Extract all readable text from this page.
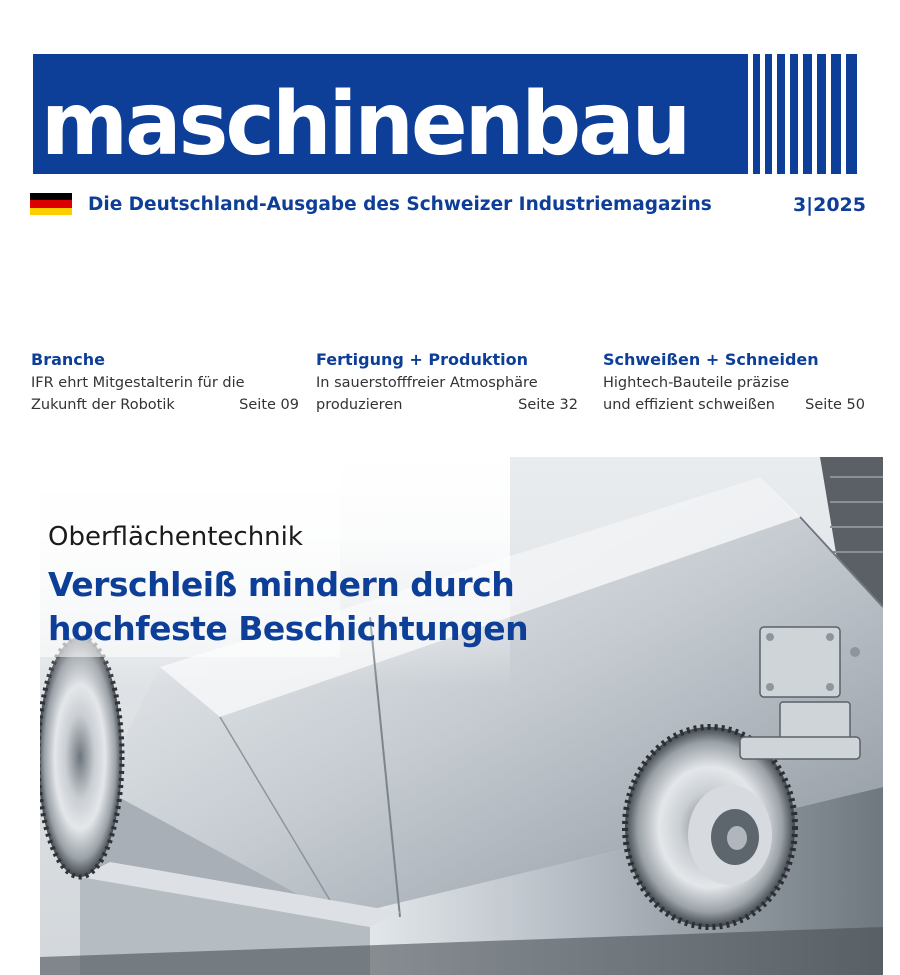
maschinenbau
Die Deutschland-Ausgabe des Schweizer Industriemagazins	3|2025
Branche
IFR ehrt Mitgestalterin für die
Zukunft der Robotik	Seite 09
Fertigung + Produktion
In sauerstofffreier Atmosphäre
produzieren	Seite 32
Schweißen + Schneiden
Hightech-Bauteile präzise
und effizient schweißen Seite 50
Oberflächentechnik
Verschleiß mindern durch
hochfeste Beschichtungen
